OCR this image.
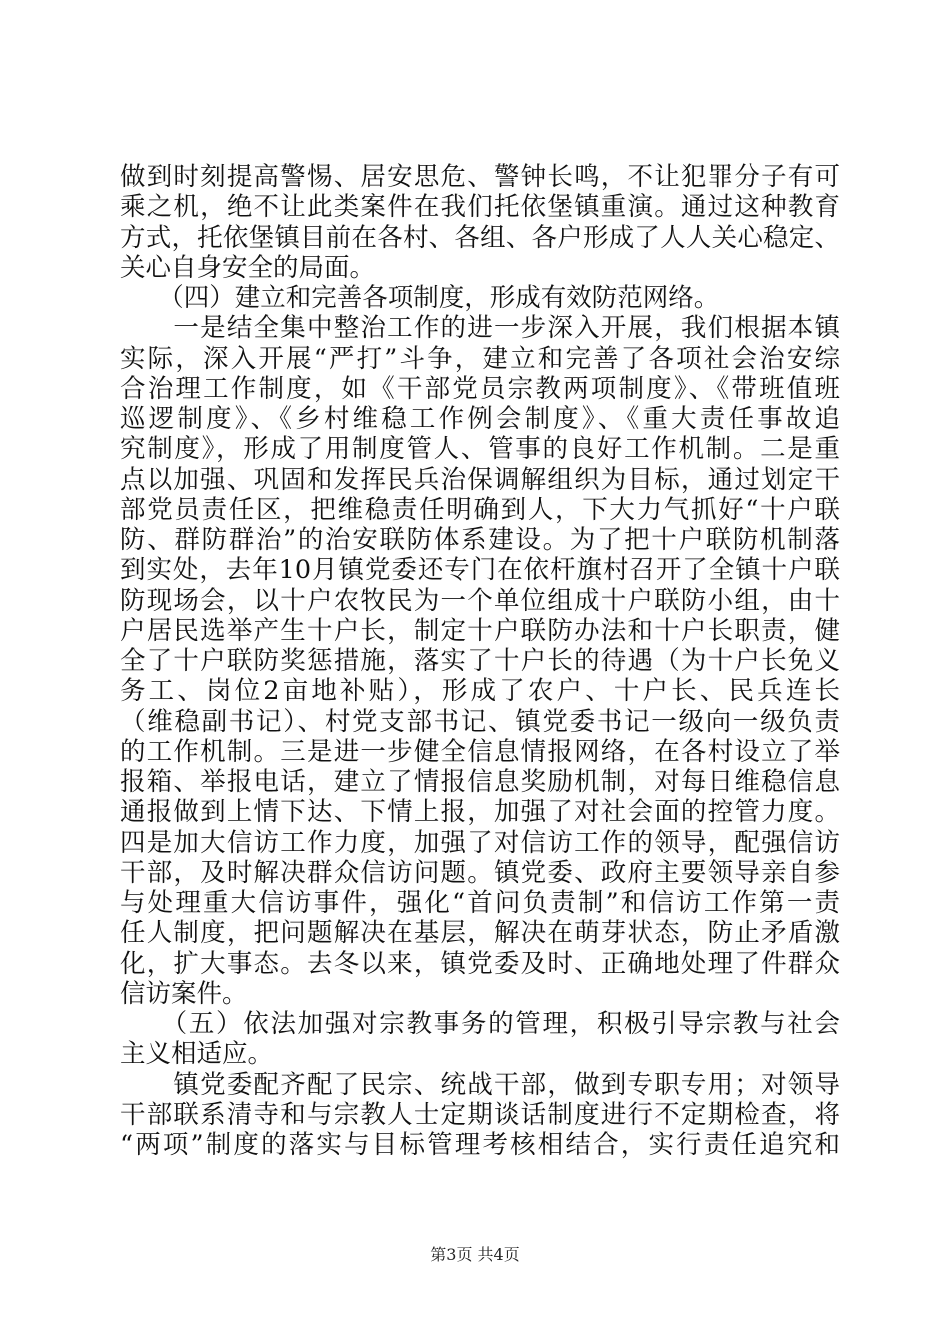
做到时刻提高警惕、居安思危、警钟长鸣，不让犯罪分子有可
乘之机，绝不让此类案件在我们托依堡镇重演。通过这种教育
方式，托依堡镇目前在各村、各组、各户形成了人人关心稳定、
关心自身安全的局面。
　　（四）建立和完善各项制度，形成有效防范网络。
　　一是结全集中整治工作的进一步深入开展，我们根据本镇
实际，深入开展“严打”斗争，建立和完善了各项社会治安综
合治理工作制度，如《干部党员宗教两项制度》、《带班值班
巡逻制度》、《乡村维稳工作例会制度》、《重大责任事故追
究制度》，形成了用制度管人、管事的良好工作机制。二是重
点以加强、巩固和发挥民兵治保调解组织为目标，通过划定干
部党员责任区，把维稳责任明确到人，下大力气抓好“十户联
防、群防群治”的治安联防体系建设。为了把十户联防机制落
到实处，去年10月镇党委还专门在依杆旗村召开了全镇十户联
防现场会，以十户农牧民为一个单位组成十户联防小组，由十
户居民选举产生十户长，制定十户联防办法和十户长职责，健
全了十户联防奖惩措施，落实了十户长的待遇（为十户长免义
务工、岗位2亩地补贴），形成了农户、十户长、民兵连长
（维稳副书记）、村党支部书记、镇党委书记一级向一级负责
的工作机制。三是进一步健全信息情报网络，在各村设立了举
报箱、举报电话，建立了情报信息奖励机制，对每日维稳信息
通报做到上情下达、下情上报，加强了对社会面的控管力度。
四是加大信访工作力度，加强了对信访工作的领导，配强信访
干部，及时解决群众信访问题。镇党委、政府主要领导亲自参
与处理重大信访事件，强化“首问负责制”和信访工作第一责
任人制度，把问题解决在基层，解决在萌芽状态，防止矛盾激
化，扩大事态。去冬以来，镇党委及时、正确地处理了件群众
信访案件。
　　（五）依法加强对宗教事务的管理，积极引导宗教与社会
主义相适应。
　　镇党委配齐配了民宗、统战干部，做到专职专用；对领导
干部联系清寺和与宗教人士定期谈话制度进行不定期检查，将
“两项”制度的落实与目标管理考核相结合，实行责任追究和
第3页 共4页
